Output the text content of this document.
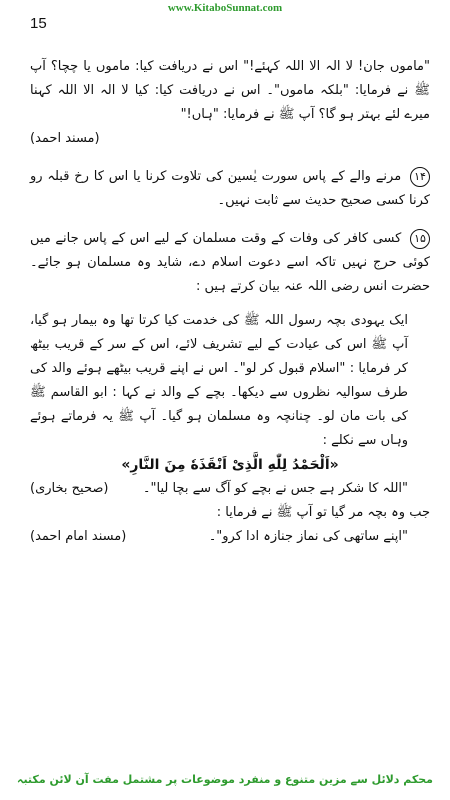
www.KitaboSunnat.com
15

"ماموں جان! لا الہ الا اللہ کہئے!" اس نے دریافت کیا: ماموں یا چچا؟ آپ ﷺ نے فرمایا: "بلکہ ماموں"۔ اس نے دریافت کیا: کیا لا الہ الا اللہ کہنا میرے لئے بہتر ہو گا؟ آپ ﷺ نے فرمایا: "ہاں!"
(مسند احمد)

۱۴ مرنے والے کے پاس سورت یٰسین کی تلاوت کرنا یا اس کا رخ قبلہ رو کرنا کسی صحیح حدیث سے ثابت نہیں۔

۱۵ کسی کافر کی وفات کے وقت مسلمان کے لیے اس کے پاس جانے میں کوئی حرج نہیں تاکہ اسے دعوت اسلام دے، شاید وہ مسلمان ہو جائے۔ حضرت انس رضی اللہ عنہ بیان کرتے ہیں :

ایک یہودی بچہ رسول اللہ ﷺ کی خدمت کیا کرتا تھا وہ بیمار ہو گیا، آپ ﷺ اس کی عیادت کے لیے تشریف لائے، اس کے سر کے قریب بیٹھ کر فرمایا : "اسلام قبول کر لو"۔ اس نے اپنے قریب بیٹھے ہوئے والد کی طرف سوالیہ نظروں سے دیکھا۔ بچے کے والد نے کہا : ابو القاسم ﷺ کی بات مان لو۔ چنانچہ وہ مسلمان ہو گیا۔ آپ ﷺ یہ فرماتے ہوئے وہاں سے نکلے :

«اَلْحَمْدُ لِلّٰهِ الَّذِیْ اَنْقَذَهٗ مِنَ النَّارِ»

"اللہ کا شکر ہے جس نے بچے کو آگ سے بچا لیا"۔
(صحیح بخاری)

جب وہ بچہ مر گیا تو آپ ﷺ نے فرمایا :

"اپنے ساتھی کی نماز جنازہ ادا کرو"۔
(مسند امام احمد)

محکم دلائل سے مزین متنوع و منفرد موضوعات پر مشتمل مفت آن لائن مکتبہ
